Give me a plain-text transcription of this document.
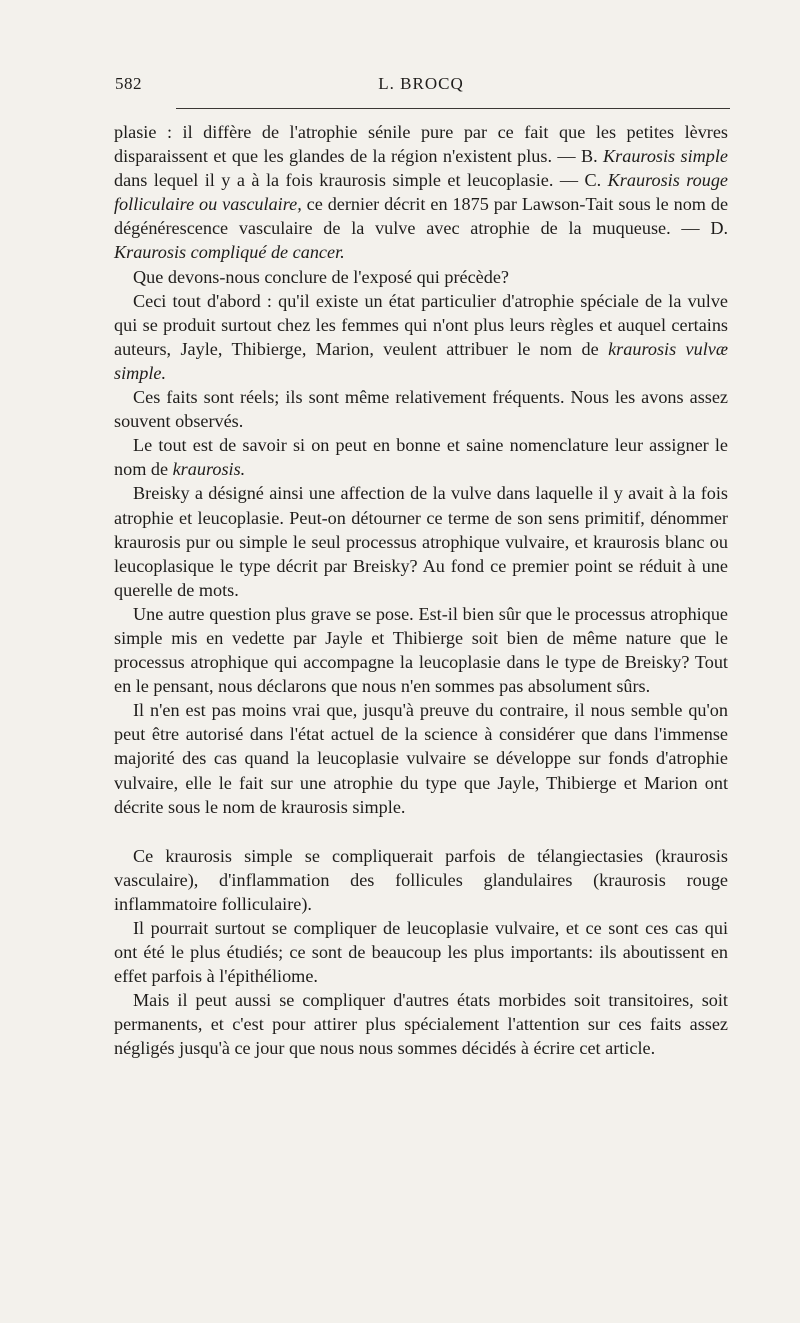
582	L. BROCQ

plasie : il diffère de l'atrophie sénile pure par ce fait que les petites lèvres disparaissent et que les glandes de la région n'existent plus. — B. Kraurosis simple dans lequel il y a à la fois kraurosis simple et leucoplasie. — C. Kraurosis rouge folliculaire ou vasculaire, ce dernier décrit en 1875 par Lawson-Tait sous le nom de dégénérescence vasculaire de la vulve avec atrophie de la muqueuse. — D. Kraurosis compliqué de cancer.

Que devons-nous conclure de l'exposé qui précède?

Ceci tout d'abord : qu'il existe un état particulier d'atrophie spéciale de la vulve qui se produit surtout chez les femmes qui n'ont plus leurs règles et auquel certains auteurs, Jayle, Thibierge, Marion, veulent attribuer le nom de kraurosis vulvæ simple.

Ces faits sont réels; ils sont même relativement fréquents. Nous les avons assez souvent observés.

Le tout est de savoir si on peut en bonne et saine nomenclature leur assigner le nom de kraurosis.

Breisky a désigné ainsi une affection de la vulve dans laquelle il y avait à la fois atrophie et leucoplasie. Peut-on détourner ce terme de son sens primitif, dénommer kraurosis pur ou simple le seul processus atrophique vulvaire, et kraurosis blanc ou leucoplasique le type décrit par Breisky? Au fond ce premier point se réduit à une querelle de mots.

Une autre question plus grave se pose. Est-il bien sûr que le processus atrophique simple mis en vedette par Jayle et Thibierge soit bien de même nature que le processus atrophique qui accompagne la leucoplasie dans le type de Breisky? Tout en le pensant, nous déclarons que nous n'en sommes pas absolument sûrs.

Il n'en est pas moins vrai que, jusqu'à preuve du contraire, il nous semble qu'on peut être autorisé dans l'état actuel de la science à considérer que dans l'immense majorité des cas quand la leucoplasie vulvaire se développe sur fonds d'atrophie vulvaire, elle le fait sur une atrophie du type que Jayle, Thibierge et Marion ont décrite sous le nom de kraurosis simple.

Ce kraurosis simple se compliquerait parfois de télangiectasies (kraurosis vasculaire), d'inflammation des follicules glandulaires (kraurosis rouge inflammatoire folliculaire).

Il pourrait surtout se compliquer de leucoplasie vulvaire, et ce sont ces cas qui ont été le plus étudiés; ce sont de beaucoup les plus importants: ils aboutissent en effet parfois à l'épithéliome.

Mais il peut aussi se compliquer d'autres états morbides soit transitoires, soit permanents, et c'est pour attirer plus spécialement l'attention sur ces faits assez négligés jusqu'à ce jour que nous nous sommes décidés à écrire cet article.
